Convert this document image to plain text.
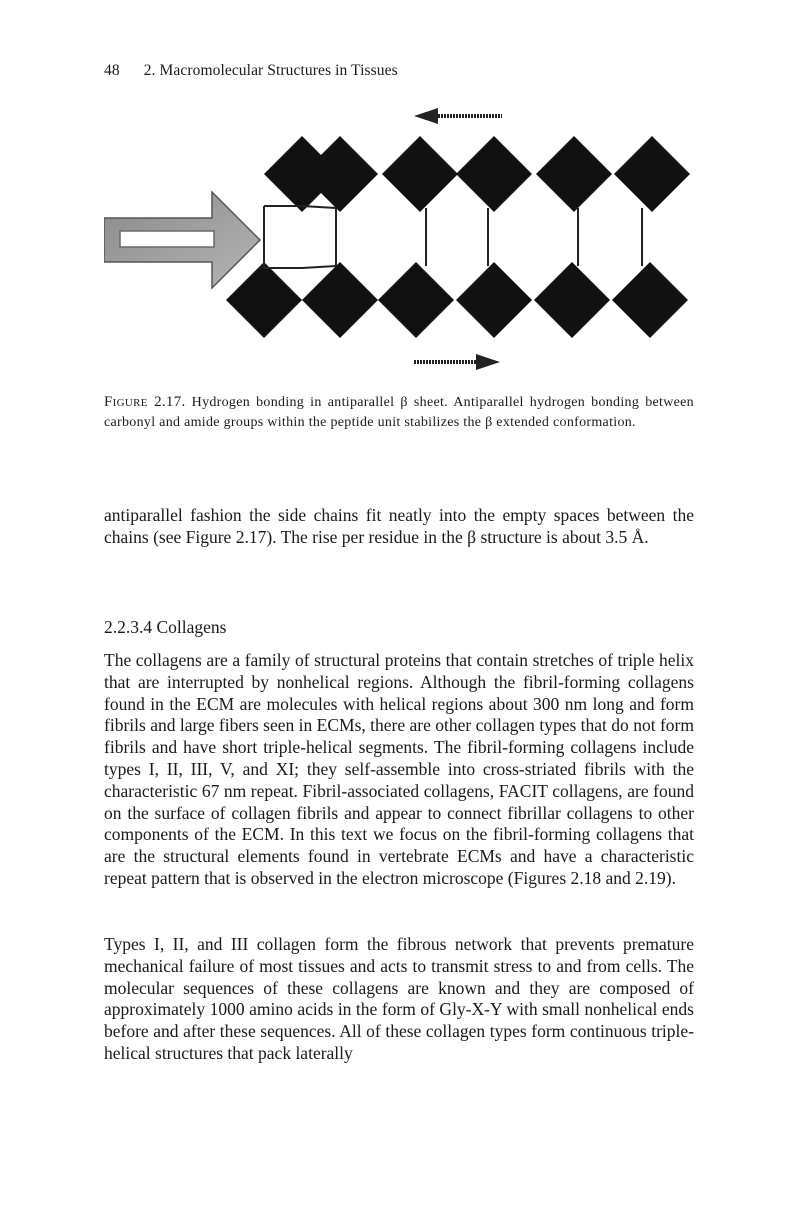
48 2. Macromolecular Structures in Tissues
Figure 2.17. Hydrogen bonding in antiparallel β sheet. Antiparallel hydrogen bonding between carbonyl and amide groups within the peptide unit stabilizes the β extended conformation.

antiparallel fashion the side chains fit neatly into the empty spaces between the chains (see Figure 2.17). The rise per residue in the β structure is about 3.5 Å.

2.2.3.4 Collagens

The collagens are a family of structural proteins that contain stretches of triple helix that are interrupted by nonhelical regions. Although the fibril-forming collagens found in the ECM are molecules with helical regions about 300 nm long and form fibrils and large fibers seen in ECMs, there are other collagen types that do not form fibrils and have short triple-helical segments. The fibril-forming collagens include types I, II, III, V, and XI; they self-assemble into cross-striated fibrils with the characteristic 67 nm repeat. Fibril-associated collagens, FACIT collagens, are found on the surface of collagen fibrils and appear to connect fibrillar collagens to other components of the ECM. In this text we focus on the fibril-forming collagens that are the structural elements found in vertebrate ECMs and have a characteristic repeat pattern that is observed in the electron microscope (Figures 2.18 and 2.19).

Types I, II, and III collagen form the fibrous network that prevents premature mechanical failure of most tissues and acts to transmit stress to and from cells. The molecular sequences of these collagens are known and they are composed of approximately 1000 amino acids in the form of Gly-X-Y with small nonhelical ends before and after these sequences. All of these collagen types form continuous triple-helical structures that pack laterally
